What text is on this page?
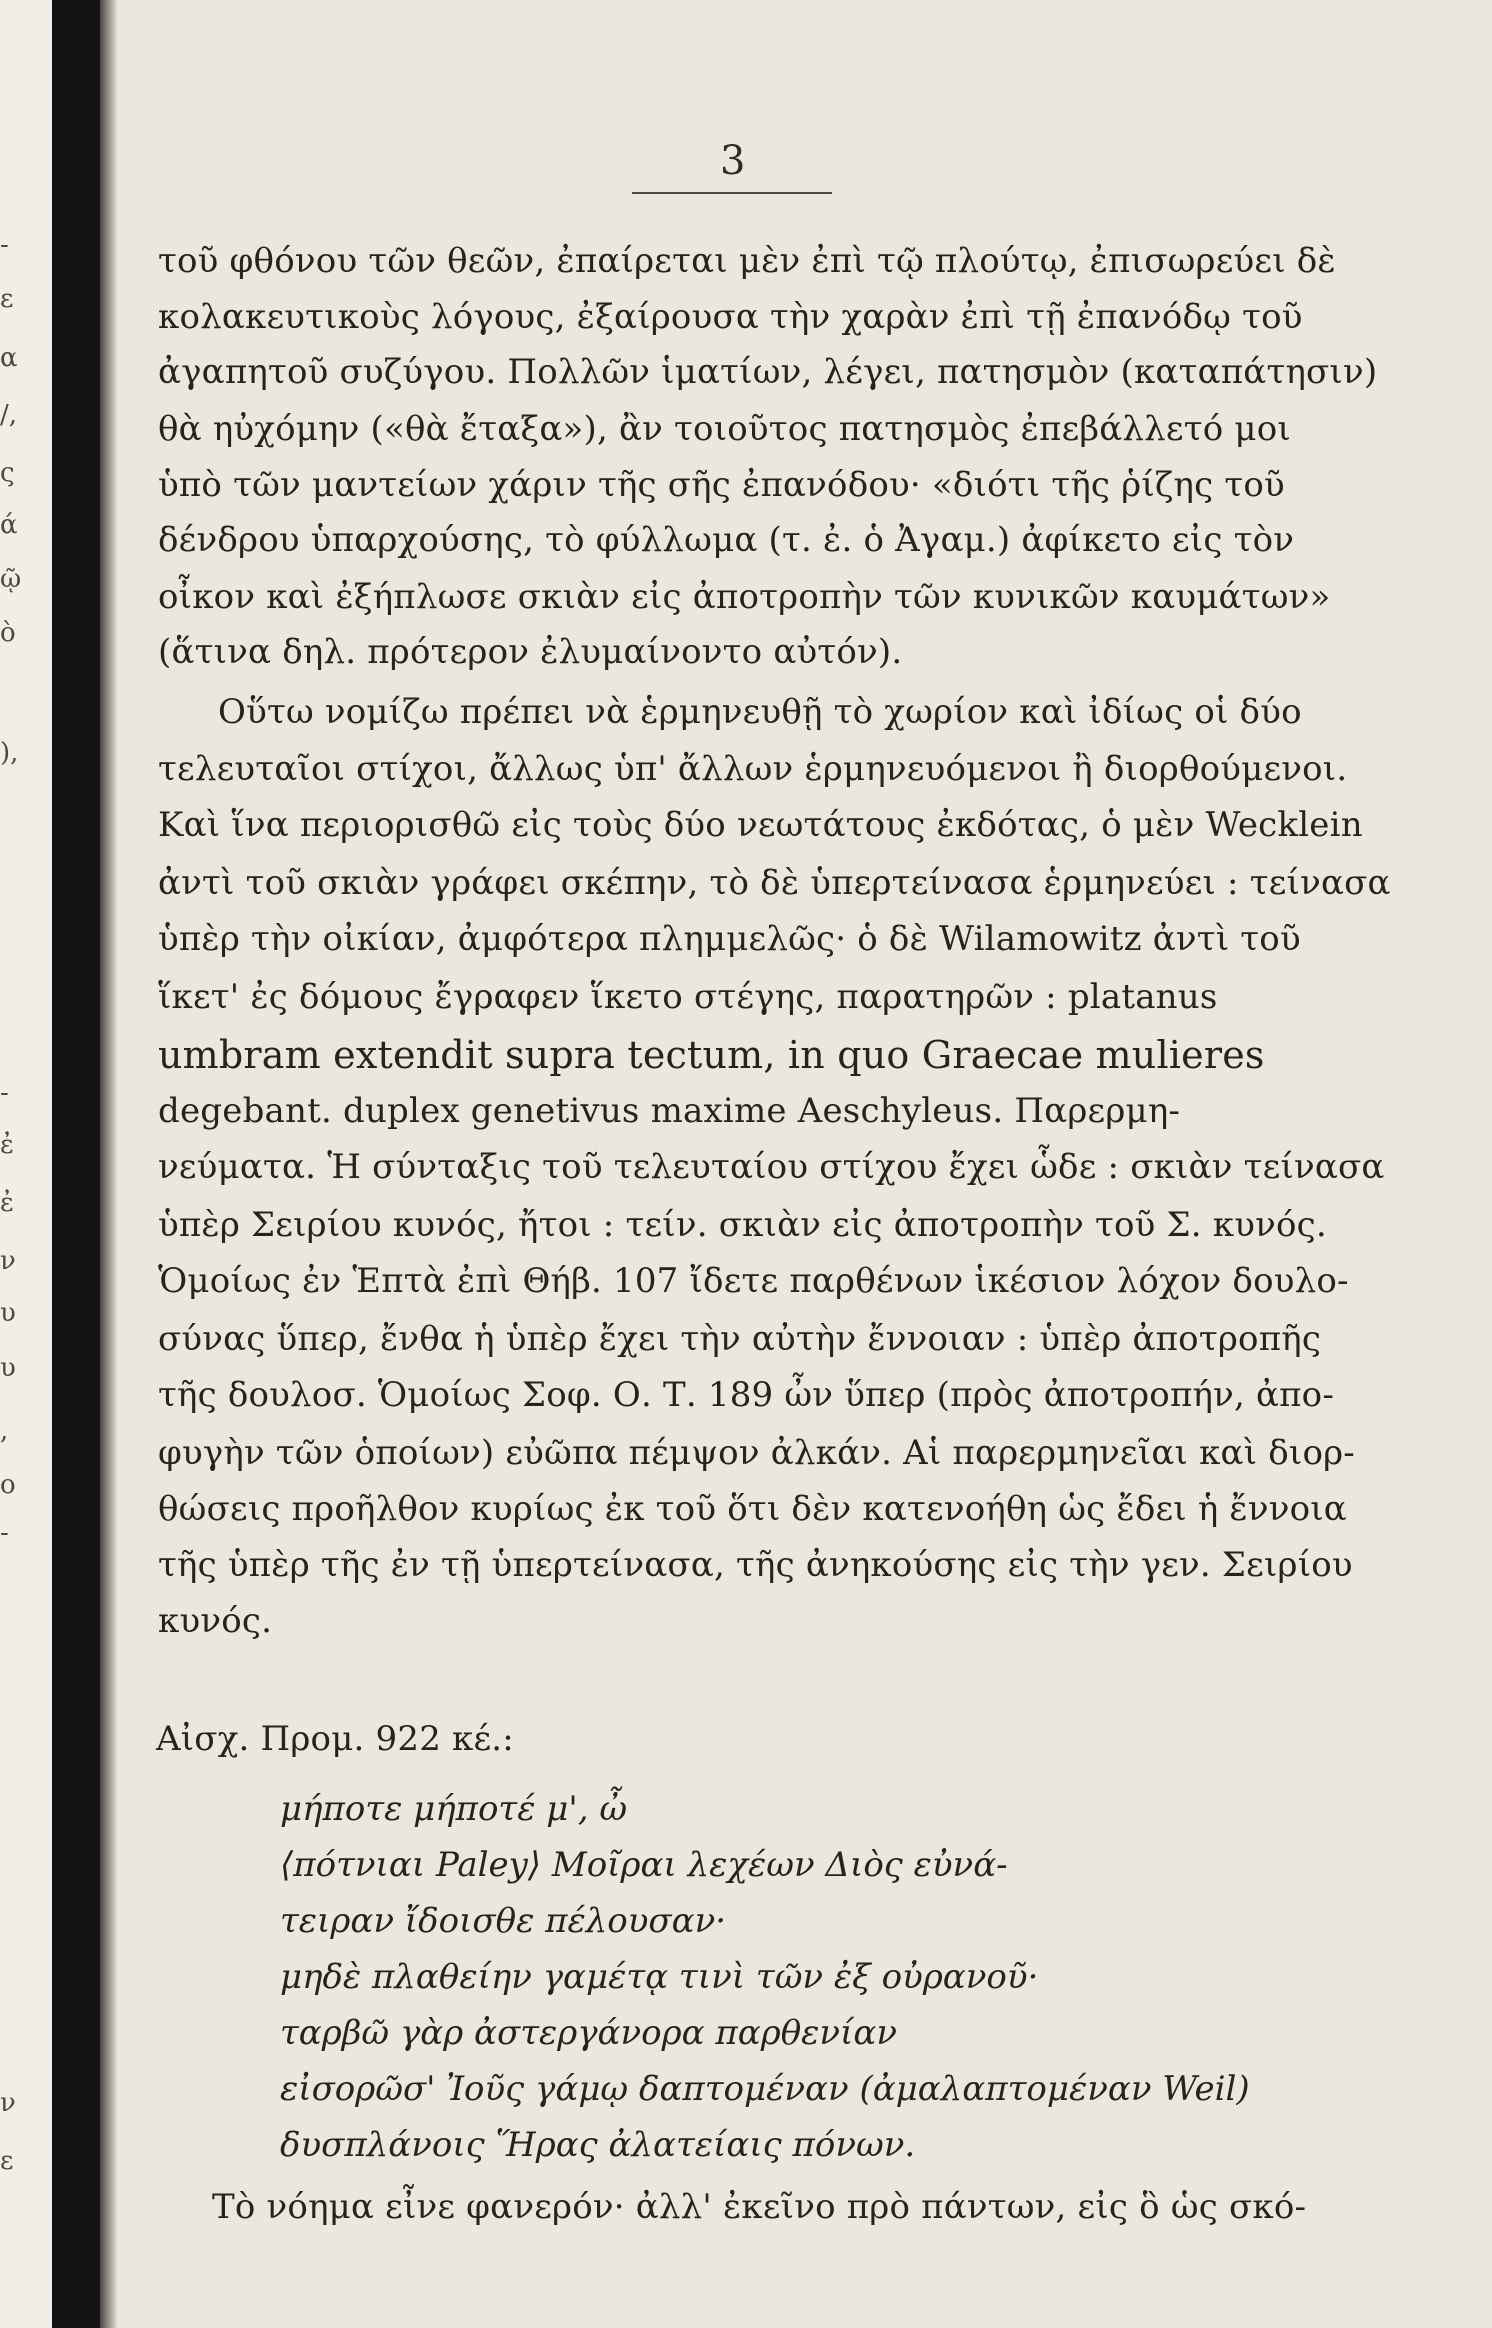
-
ε
α
/,
ς
ά
ῷ
ὸ
),
-
ἐ
ἐ
ν
υ
υ
,
ο
-
ν
ε
3
τοῦ φθόνου τῶν θεῶν, ἐπαίρεται μὲν ἐπὶ τῷ πλούτῳ, ἐπισωρεύει δὲ
κολακευτικοὺς λόγους, ἐξαίρουσα τὴν χαρὰν ἐπὶ τῇ ἐπανόδῳ τοῦ
ἀγαπητοῦ συζύγου. Πολλῶν ἱματίων, λέγει, πατησμὸν (καταπάτησιν)
θὰ ηὐχόμην («θὰ ἔταξα»), ἂν τοιοῦτος πατησμὸς ἐπεβάλλετό μοι
ὑπὸ τῶν μαντείων χάριν τῆς σῆς ἐπανόδου· «διότι τῆς ῥίζης τοῦ
δένδρου ὑπαρχούσης, τὸ φύλλωμα (τ. ἐ. ὁ Ἀγαμ.) ἀφίκετο εἰς τὸν
οἶκον καὶ ἐξήπλωσε σκιὰν εἰς ἀποτροπὴν τῶν κυνικῶν καυμάτων»
(ἅτινα δηλ. πρότερον ἐλυμαίνοντο αὐτόν).
Οὕτω νομίζω πρέπει νὰ ἑρμηνευθῇ τὸ χωρίον καὶ ἰδίως οἱ δύο
τελευταῖοι στίχοι, ἄλλως ὑπ' ἄλλων ἑρμηνευόμενοι ἢ διορθούμενοι.
Καὶ ἵνα περιορισθῶ εἰς τοὺς δύο νεωτάτους ἐκδότας, ὁ μὲν Wecklein
ἀντὶ τοῦ σκιὰν γράφει σκέπην, τὸ δὲ ὑπερτείνασα ἑρμηνεύει : τείνασα
ὑπὲρ τὴν οἰκίαν, ἀμφότερα πλημμελῶς· ὁ δὲ Wilamowitz ἀντὶ τοῦ
ἵκετ' ἐς δόμους ἔγραφεν ἵκετο στέγης, παρατηρῶν : platanus
umbram extendit supra tectum, in quo Graecae mulieres
degebant. duplex genetivus maxime Aeschyleus. Παρερμη-
νεύματα. Ἡ σύνταξις τοῦ τελευταίου στίχου ἔχει ὧδε : σκιὰν τείνασα
ὑπὲρ Σειρίου κυνός, ἤτοι : τείν. σκιὰν εἰς ἀποτροπὴν τοῦ Σ. κυνός.
Ὁμοίως ἐν Ἑπτὰ ἐπὶ Θήβ. 107 ἴδετε παρθένων ἱκέσιον λόχον δουλο-
σύνας ὕπερ, ἔνθα ἡ ὑπὲρ ἔχει τὴν αὐτὴν ἔννοιαν : ὑπὲρ ἀποτροπῆς
τῆς δουλοσ. Ὁμοίως Σοφ. Ο. Τ. 189 ὦν ὕπερ (πρὸς ἀποτροπήν, ἀπο-
φυγὴν τῶν ὁποίων) εὐῶπα πέμψον ἀλκάν. Αἱ παρερμηνεῖαι καὶ διορ-
θώσεις προῆλθον κυρίως ἐκ τοῦ ὅτι δὲν κατενοήθη ὡς ἔδει ἡ ἔννοια
τῆς ὑπὲρ τῆς ἐν τῇ ὑπερτείνασα, τῆς ἀνηκούσης εἰς τὴν γεν. Σειρίου
κυνός.
Αἰσχ. Προμ. 922 κέ.:
μήποτε μήποτέ μ', ὦ
⟨πότνιαι Paley⟩ Μοῖραι λεχέων Διὸς εὐνά-
τειραν ἴδοισθε πέλουσαν·
μηδὲ πλαθείην γαμέτᾳ τινὶ τῶν ἐξ οὐρανοῦ·
ταρβῶ γὰρ ἀστεργάνορα παρθενίαν
εἰσορῶσ' Ἰοῦς γάμῳ δαπτομέναν (ἀμαλαπτομέναν Weil)
δυσπλάνοις Ἥρας ἀλατείαις πόνων.
Τὸ νόημα εἶνε φανερόν· ἀλλ' ἐκεῖνο πρὸ πάντων, εἰς ὃ ὡς σκό-
